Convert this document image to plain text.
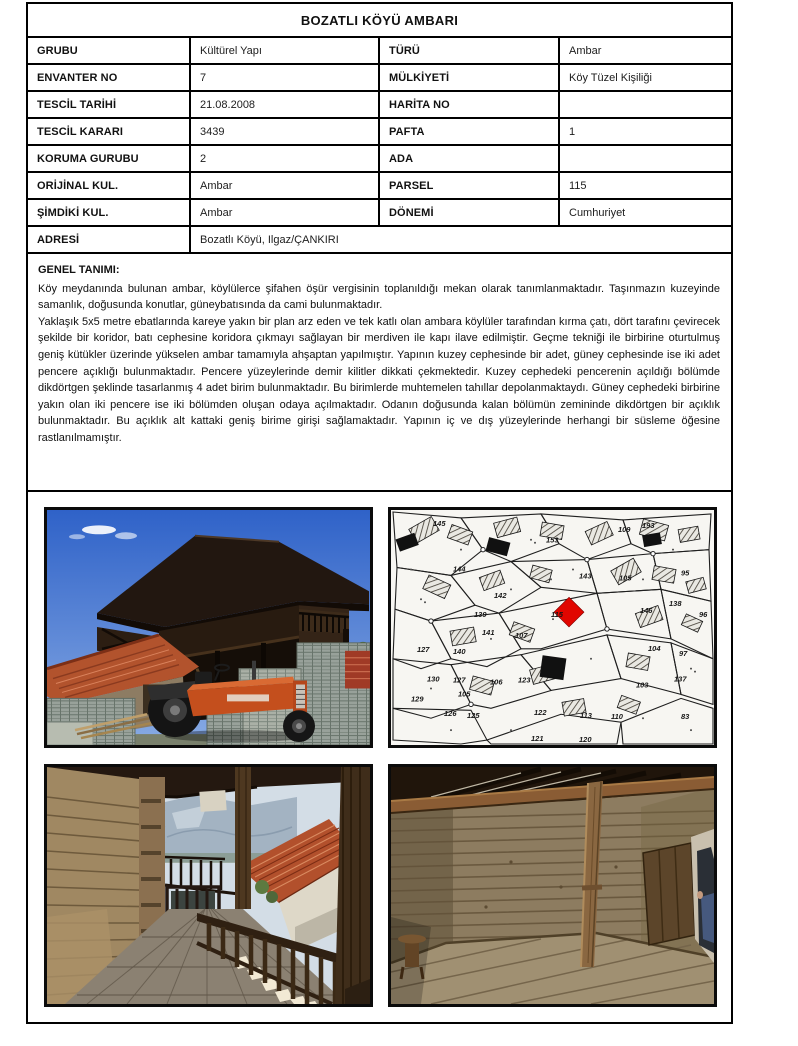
BOZATLI KÖYÜ AMBARI
GRUBU	Kültürel Yapı	TÜRÜ	Ambar
ENVANTER NO	7	MÜLKİYETİ	Köy Tüzel Kişiliği
TESCİL TARİHİ	21.08.2008	HARİTA NO
TESCİL KARARI	3439	PAFTA	1
KORUMA GURUBU	2	ADA
ORİJİNAL KUL.	Ambar	PARSEL	115
ŞİMDİKİ KUL.	Ambar	DÖNEMİ	Cumhuriyet
ADRESİ	Bozatlı Köyü, Ilgaz/ÇANKIRI
GENEL TANIMI:

Köy meydanında bulunan ambar, köylülerce şifahen öşür vergisinin toplanıldığı mekan olarak tanımlanmaktadır. Taşınmazın kuzeyinde samanlık, doğusunda konutlar, güneybatısında da cami bulunmaktadır.

Yaklaşık 5x5 metre ebatlarında kareye yakın bir plan arz eden ve tek katlı olan ambara köylüler tarafından kırma çatı, dört tarafını çevirecek şekilde bir koridor, batı cephesine koridora çıkmayı sağlayan bir merdiven ile kapı ilave edilmiştir. Geçme tekniği ile birbirine oturtulmuş geniş kütükler üzerinde yükselen ambar tamamıyla ahşaptan yapılmıştır. Yapının kuzey cephesinde bir adet, güney cephesinde ise iki adet pencere açıklığı bulunmaktadır. Pencere yüzeylerinde demir kilitler dikkati çekmektedir. Kuzey cephedeki pencerenin açıldığı bölümde dikdörtgen şeklinde tasarlanmış 4 adet birim bulunmaktadır. Bu birimlerde muhtemelen tahıllar depolanmaktaydı. Güney cephedeki birbirine yakın olan iki pencere ise iki bölümden oluşan odaya açılmaktadır. Odanın doğusunda kalan bölümün zemininde dikdörtgen bir açıklık bulunmaktadır. Bu açıklık alt kattaki geniş birime girişi sağlamaktadır. Yapının iç ve dış yüzeylerinde herhangi bir süsleme öğesine rastlanılmamıştır.

145
144
153
109 193
143	105
95
142
138
96
139
141	107
146
115
127	140
130 127	106 123
104
97
137
103
129
105
126 125	122	113	110	83
121	120
